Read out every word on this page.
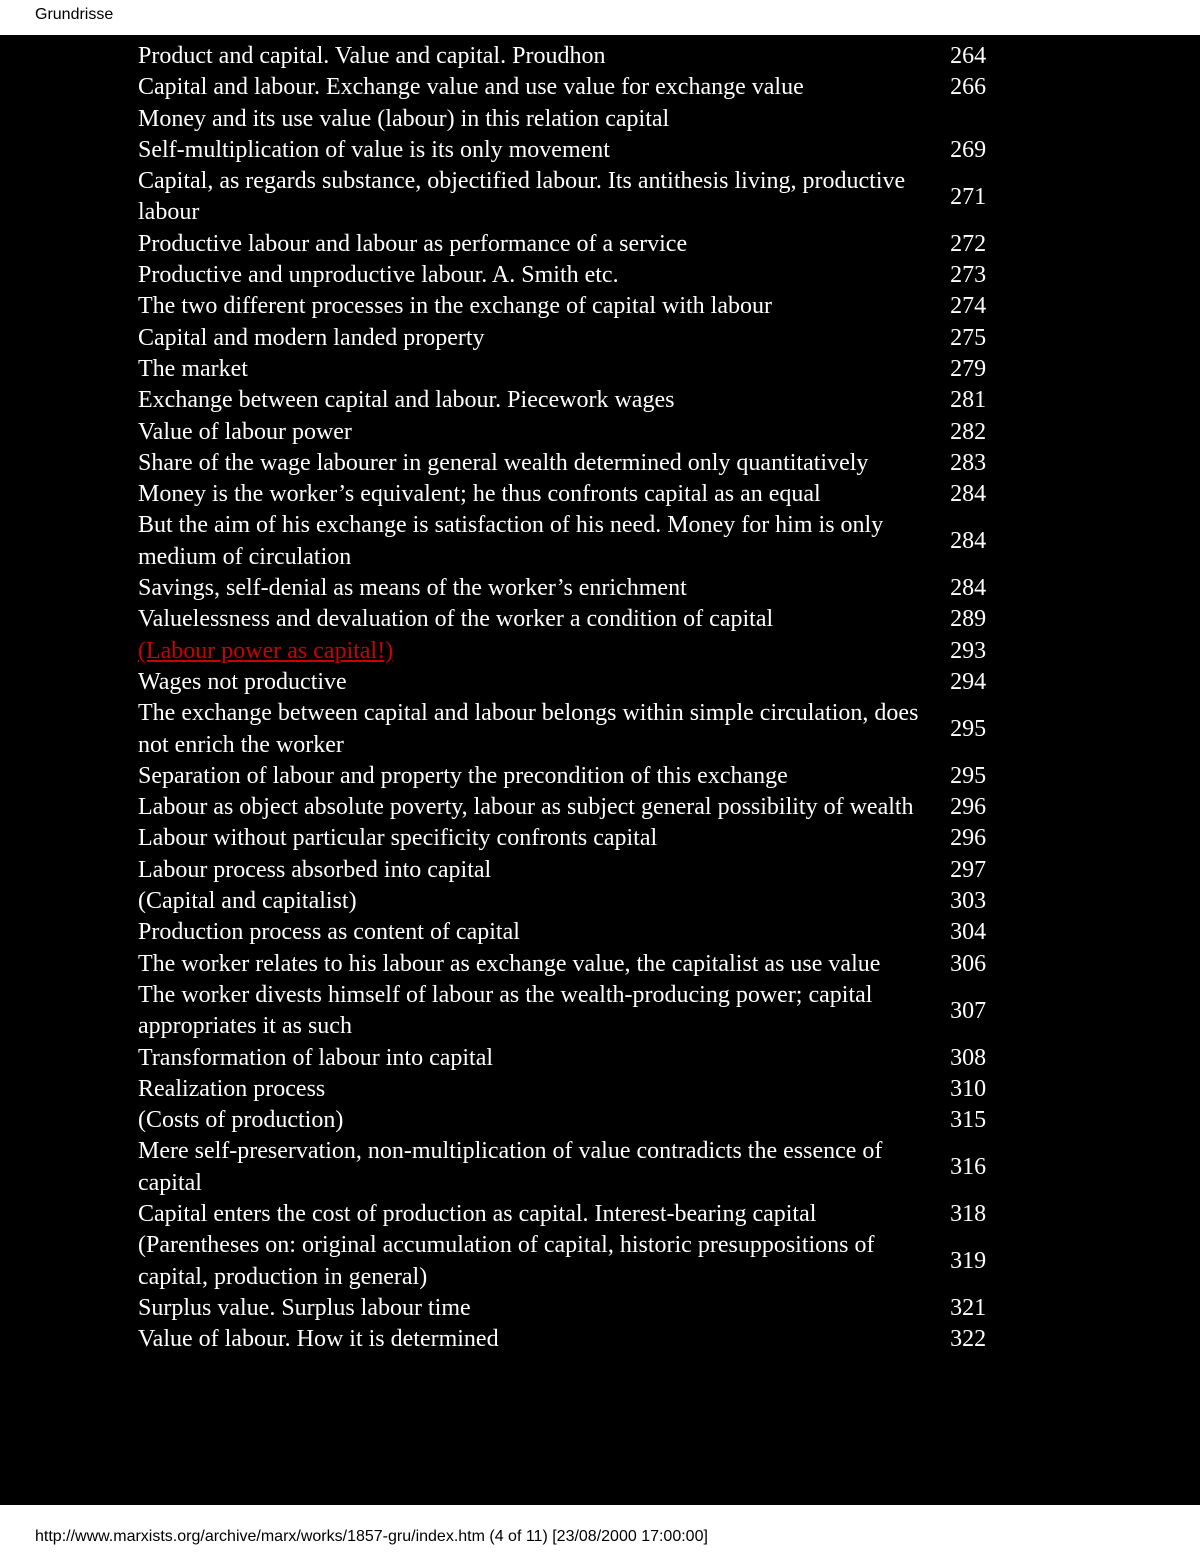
Grundrisse
Product and capital. Value and capital. Proudhon	264
Capital and labour. Exchange value and use value for exchange value	266
Money and its use value (labour) in this relation capital	
Self-multiplication of value is its only movement	269
Capital, as regards substance, objectified labour. Its antithesis living, productive labour	271
Productive labour and labour as performance of a service	272
Productive and unproductive labour. A. Smith etc.	273
The two different processes in the exchange of capital with labour	274
Capital and modern landed property	275
The market	279
Exchange between capital and labour. Piecework wages	281
Value of labour power	282
Share of the wage labourer in general wealth determined only quantitatively	283
Money is the worker’s equivalent; he thus confronts capital as an equal	284
But the aim of his exchange is satisfaction of his need. Money for him is only medium of circulation	284
Savings, self-denial as means of the worker’s enrichment	284
Valuelessness and devaluation of the worker a condition of capital	289
(Labour power as capital!)	293
Wages not productive	294
The exchange between capital and labour belongs within simple circulation, does not enrich the worker	295
Separation of labour and property the precondition of this exchange	295
Labour as object absolute poverty, labour as subject general possibility of wealth	296
Labour without particular specificity confronts capital	296
Labour process absorbed into capital	297
(Capital and capitalist)	303
Production process as content of capital	304
The worker relates to his labour as exchange value, the capitalist as use value	306
The worker divests himself of labour as the wealth-producing power; capital appropriates it as such	307
Transformation of labour into capital	308
Realization process	310
(Costs of production)	315
Mere self-preservation, non-multiplication of value contradicts the essence of capital	316
Capital enters the cost of production as capital. Interest-bearing capital	318
(Parentheses on: original accumulation of capital, historic presuppositions of capital, production in general)	319
Surplus value. Surplus labour time	321
Value of labour. How it is determined	322
http://www.marxists.org/archive/marx/works/1857-gru/index.htm (4 of 11) [23/08/2000 17:00:00]
